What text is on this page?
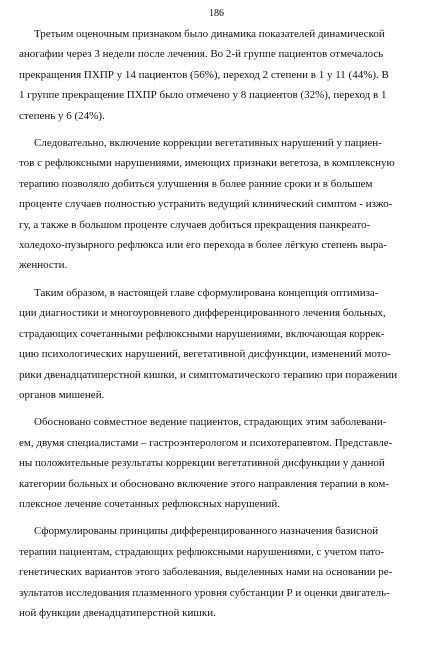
186
Третьим оценочным признаком было динамика показателей динамической
аногафии через 3 недели после лечения. Во 2-й группе пациентов отмечалось
прекращения ПХПР у 14 пациентов (56%), переход 2 степени в 1 у 11 (44%). В
1 группе прекращение ПХПР было отмечено у 8 пациентов (32%), переход в 1
степень у 6 (24%).
Следовательно, включение коррекции вегетативных нарушений у пациен-
тов с рефлюксными нарушениями, имеющих признаки вегетоза, в комплексную
терапию позволяло добиться улучшения в более ранние сроки и в большем
проценте случаев полностью устранить ведущий клинический симптом - изжо-
гу, а также в большом проценте случаев добиться прекращения панкреато-
холедохо-пузырного рефлюкса или его перехода в более лёгкую степень выра-
женности.
Таким образом, в настоящей главе сформулирована концепция оптимиза-
ции диагностики и многоуровневого дифференцированного лечения больных,
страдающих сочетанными рефлюксными нарушениями, включающая коррек-
цию психологических нарушений, вегетативной дисфункции, изменений мото-
рики двенадцатиперстной кишки, и симптоматического терапию при поражении
органов мишеней.
Обосновано совместное ведение пациентов, страдающих этим заболевани-
ем, двумя специалистами – гастроэнтерологом и психотерапевтом. Представле-
ны положительные результаты коррекции вегетативной дисфункции у данной
категории больных и обосновано включение этого направления терапии в ком-
плексное лечение сочетанных рефлюксных нарушений.
Сформулированы принципы дифференцированного назначения базисной
терапии пациентам, страдающих рефлюксными нарушениями, с учетом пато-
генетических вариантов этого заболевания, выделенных нами на основании ре-
зультатов исследования плазменного уровня субстанции Р и оценки двигатель-
ной функции двенадцатиперстной кишки.
